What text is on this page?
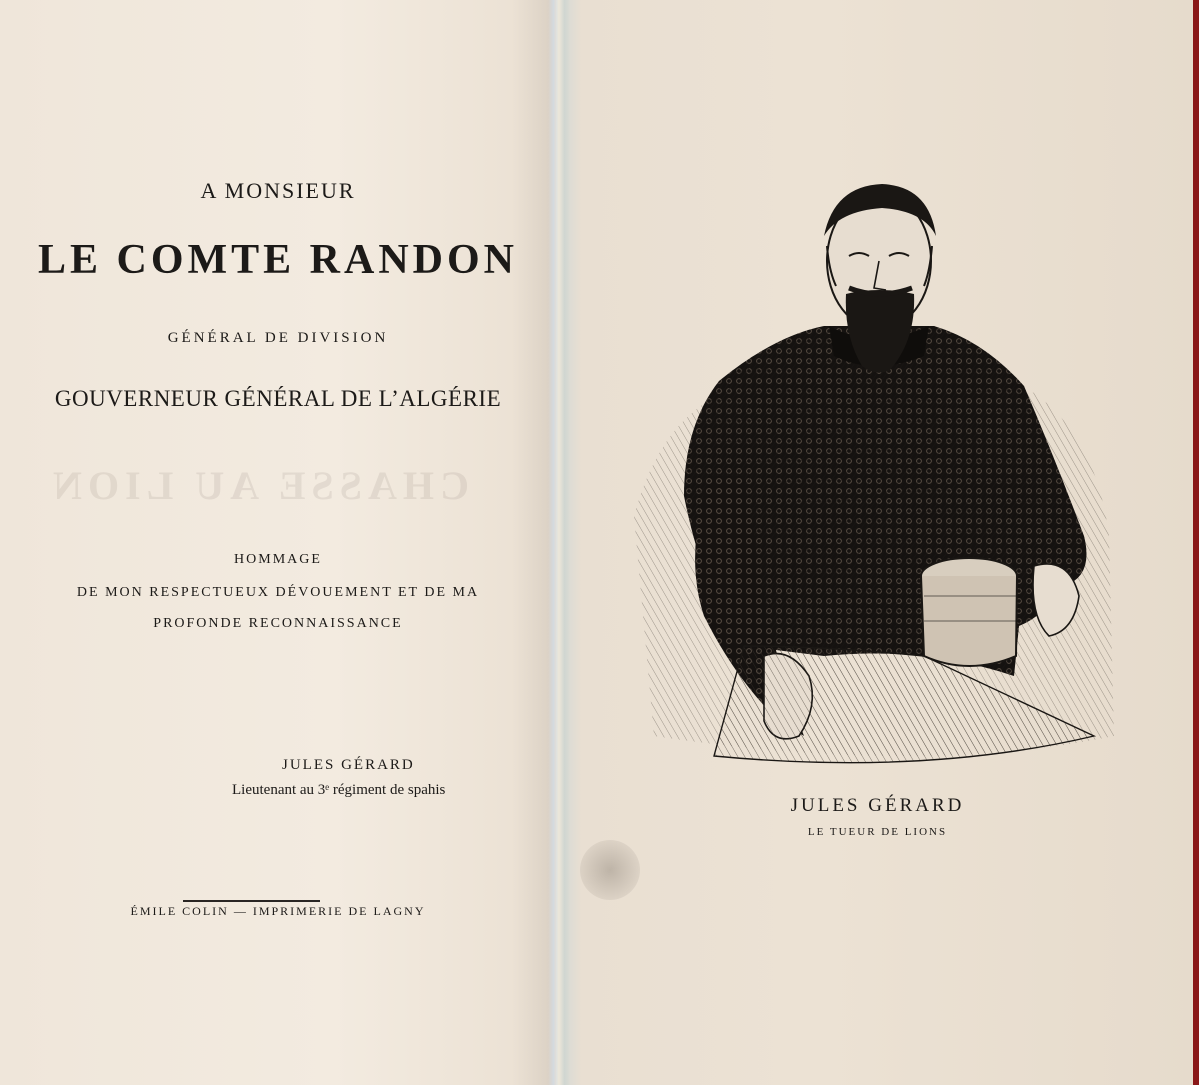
CHASSE AU LION
A MONSIEUR
LE COMTE RANDON
GÉNÉRAL DE DIVISION
GOUVERNEUR GÉNÉRAL DE L’ALGÉRIE
HOMMAGE
DE MON RESPECTUEUX DÉVOUEMENT ET DE MA
PROFONDE RECONNAISSANCE
JULES GÉRARD
Lieutenant au 3ᵉ régiment de spahis
ÉMILE COLIN — IMPRIMERIE DE LAGNY
JULES GÉRARD
LE TUEUR DE LIONS
